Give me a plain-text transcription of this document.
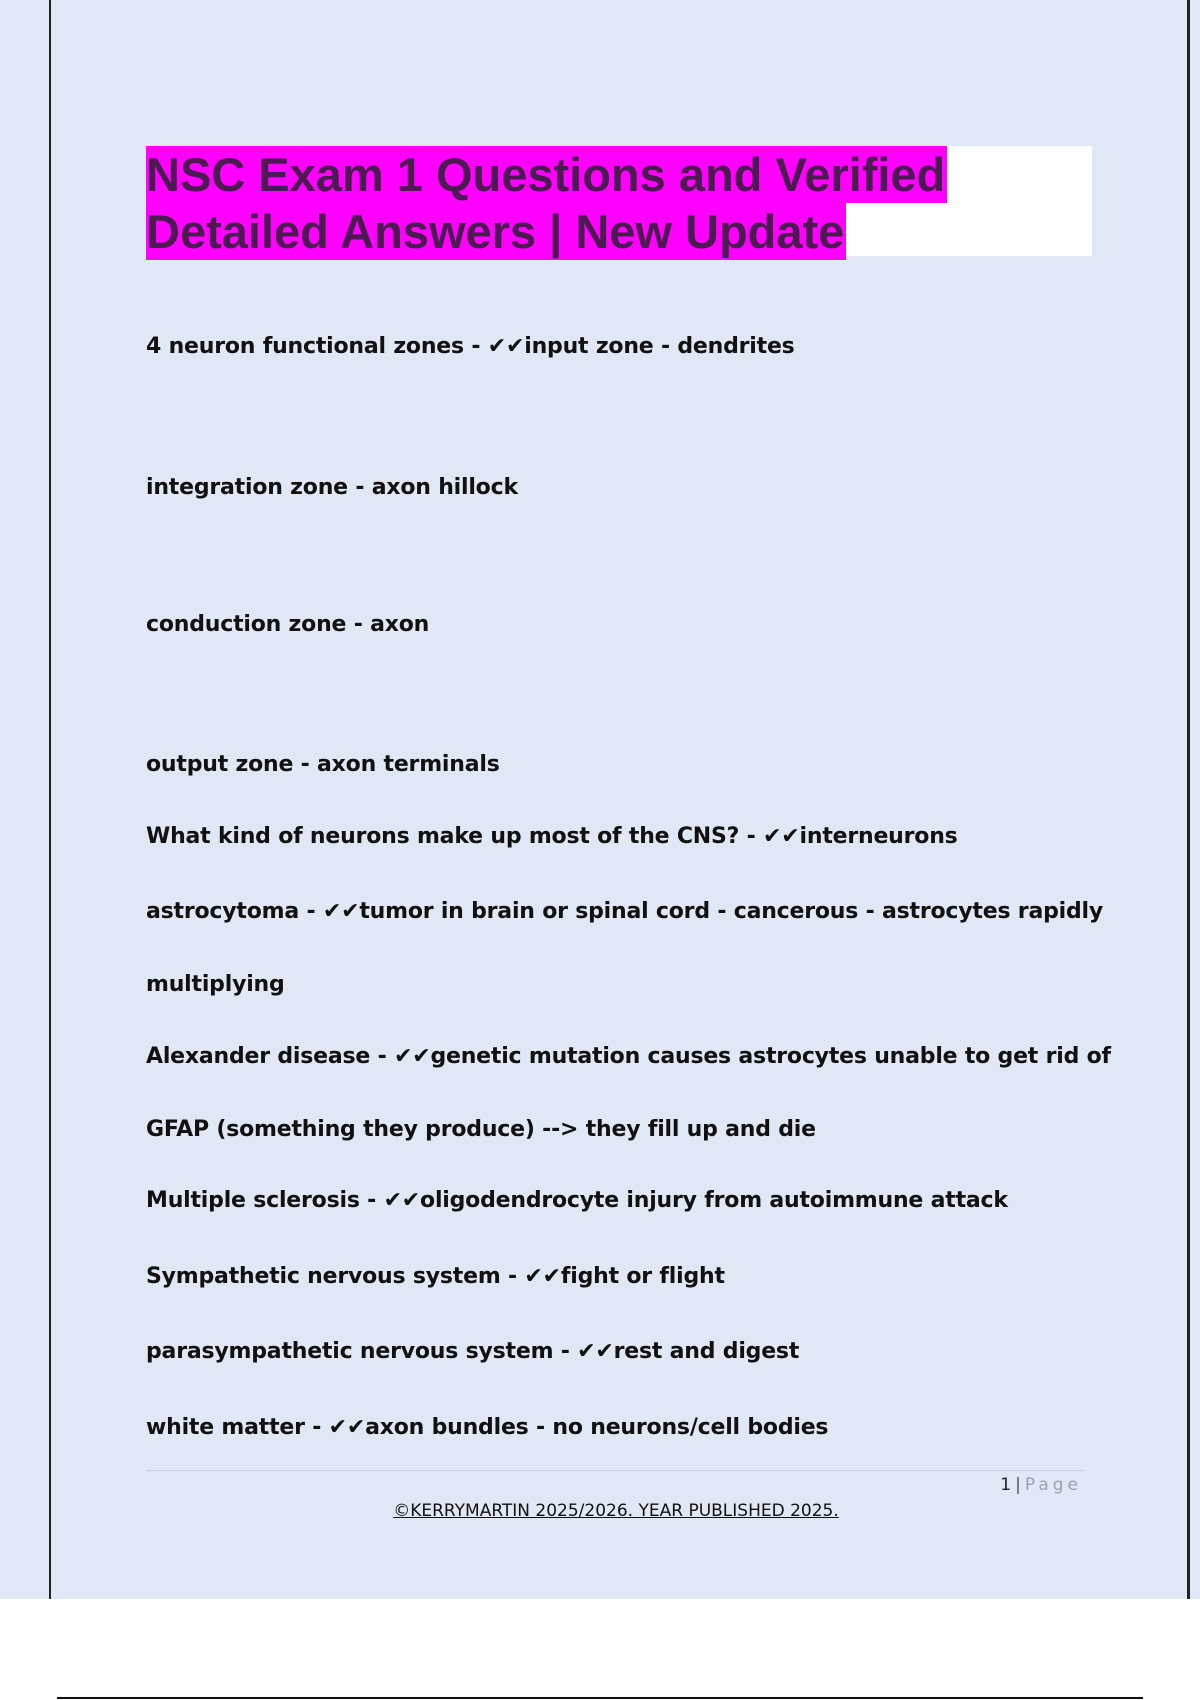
NSC Exam 1 Questions and Verified
Detailed Answers | New Update

4 neuron functional zones - ✔✔input zone - dendrites

integration zone - axon hillock

conduction zone - axon

output zone - axon terminals

What kind of neurons make up most of the CNS? - ✔✔interneurons

astrocytoma - ✔✔tumor in brain or spinal cord - cancerous - astrocytes rapidly

multiplying

Alexander disease - ✔✔genetic mutation causes astrocytes unable to get rid of

GFAP (something they produce) --> they fill up and die

Multiple sclerosis - ✔✔oligodendrocyte injury from autoimmune attack

Sympathetic nervous system - ✔✔fight or flight

parasympathetic nervous system - ✔✔rest and digest

white matter - ✔✔axon bundles - no neurons/cell bodies

1 | Page
©KERRYMARTIN 2025/2026. YEAR PUBLISHED 2025.
